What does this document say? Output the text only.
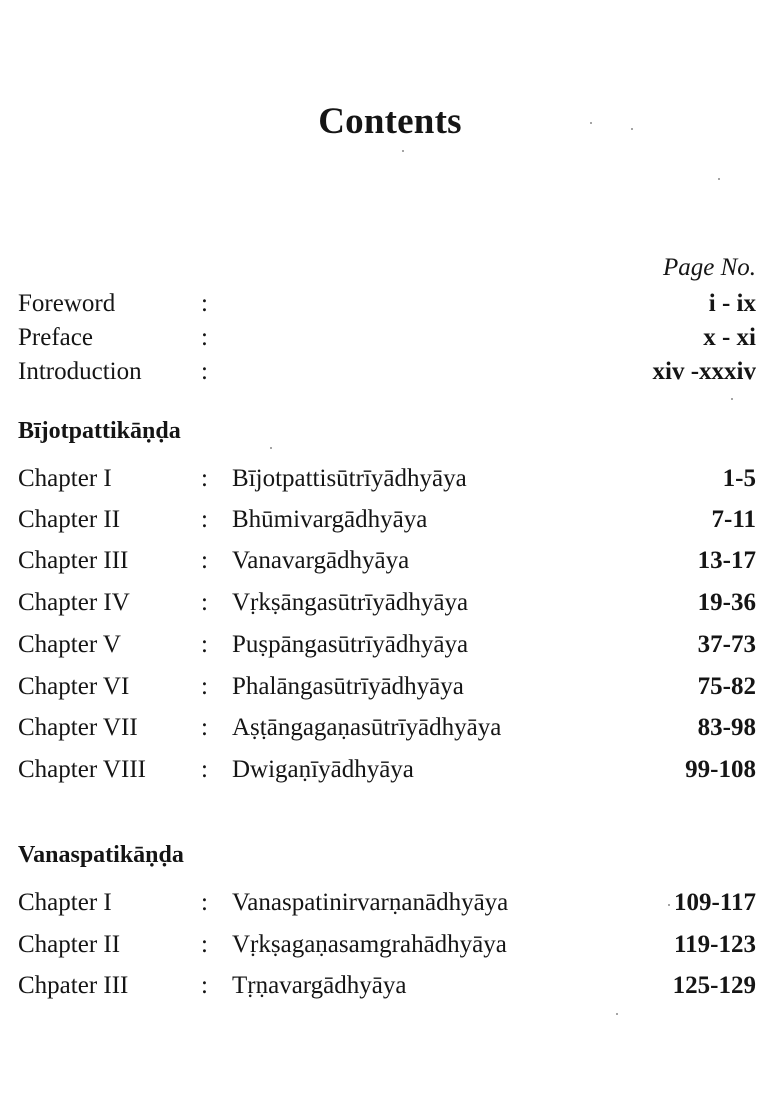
Contents
Page No.
Foreword	:	i - ix
Preface	:	x - xi
Introduction :	xiv -xxxiv
Bījotpattikāṇḍa
Chapter I	: Bījotpattisūtrīyādhyāya	1-5
Chapter II	: Bhūmivargādhyāya	7-11
Chapter III	: Vanavargādhyāya	13-17
Chapter IV	: Vṛkṣāngasūtrīyādhyāya	19-36
Chapter V	: Puṣpāngasūtrīyādhyāya	37-73
Chapter VI	: Phalāngasūtrīyādhyāya	75-82
Chapter VII	: Aṣṭāngagaṇasūtrīyādhyāya	83-98
Chapter VIII : Dwigaṇīyādhyāya	99-108
Vanaspatikāṇḍa
Chapter I	: Vanaspatinirvarṇanādhyāya	109-117
Chapter II	: Vṛkṣagaṇasamgrahādhyāya	119-123
Chpater III	: Tṛṇavargādhyāya	125-129
